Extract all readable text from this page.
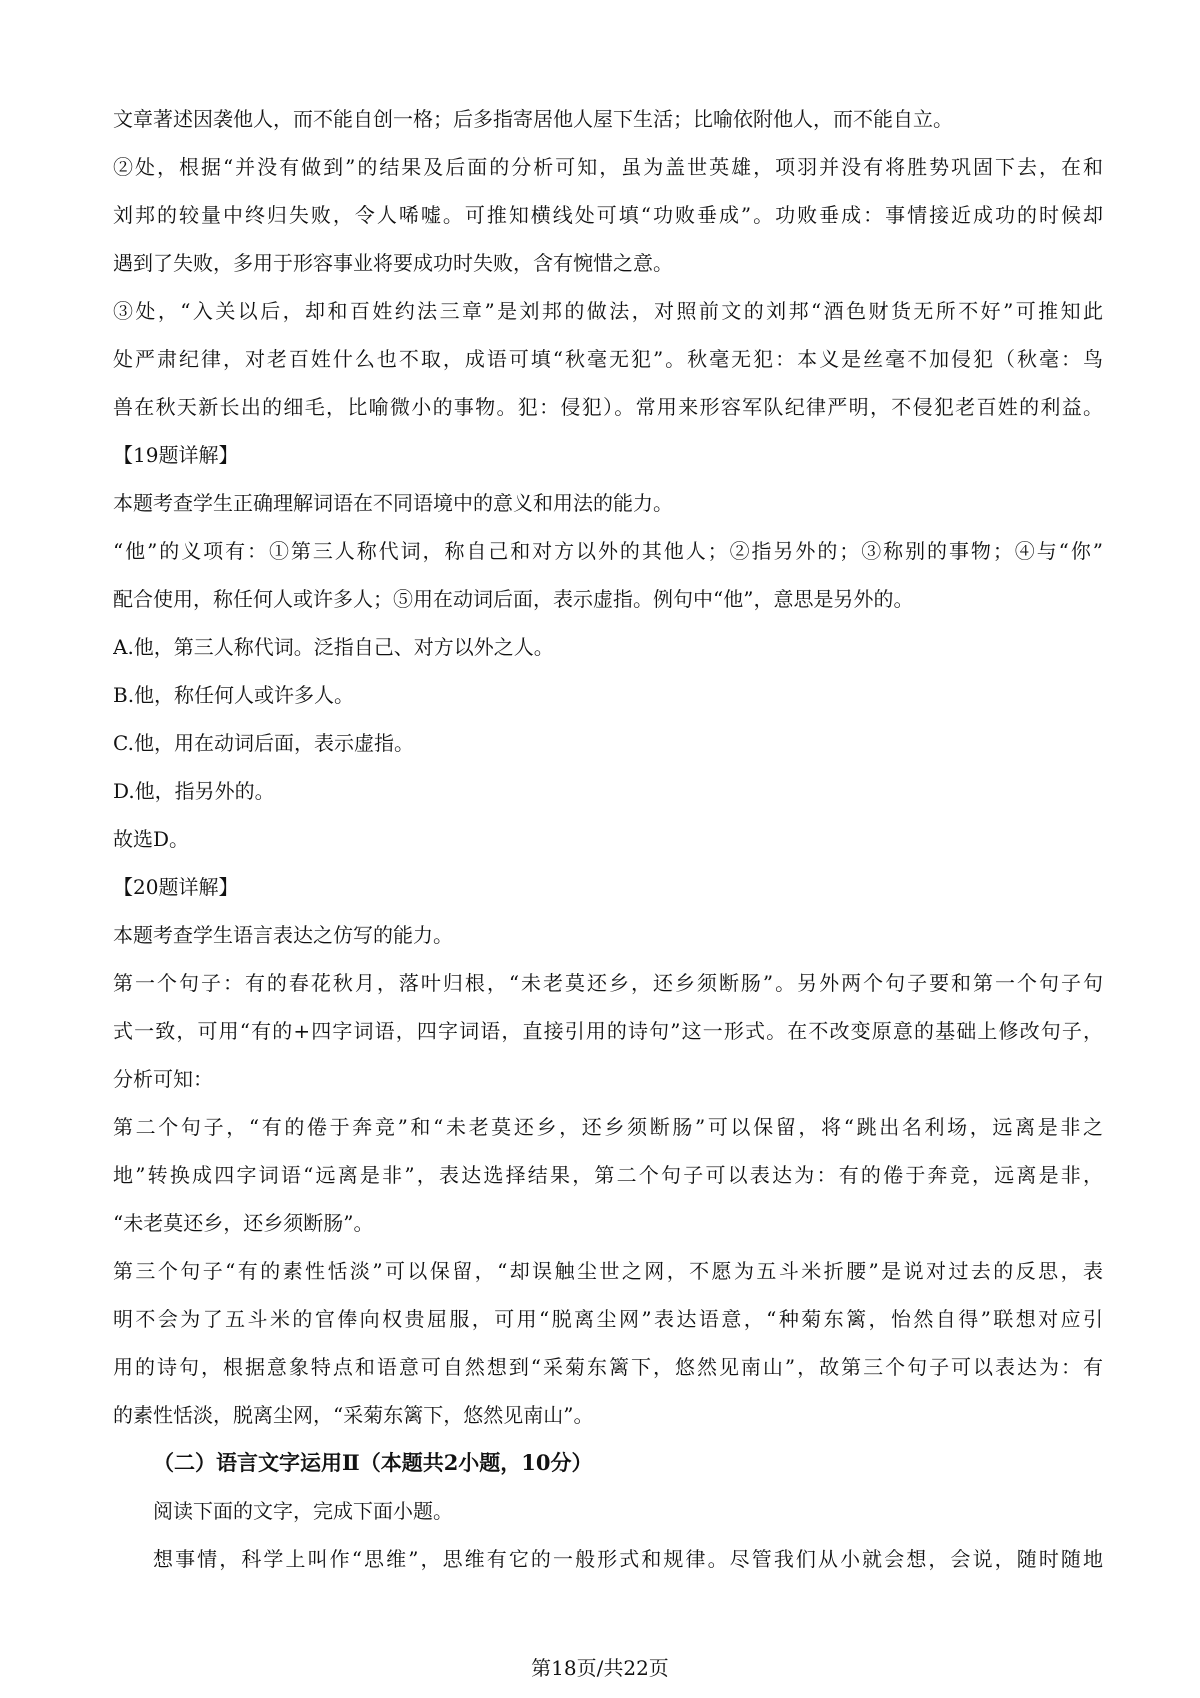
文章著述因袭他人，而不能自创一格；后多指寄居他人屋下生活；比喻依附他人，而不能自立。
②处，根据“并没有做到”的结果及后面的分析可知，虽为盖世英雄，项羽并没有将胜势巩固下去，在和
刘邦的较量中终归失败，令人唏嘘。可推知横线处可填“功败垂成”。功败垂成：事情接近成功的时候却
遇到了失败，多用于形容事业将要成功时失败，含有惋惜之意。
③处，“入关以后，却和百姓约法三章”是刘邦的做法，对照前文的刘邦“酒色财货无所不好”可推知此
处严肃纪律，对老百姓什么也不取，成语可填“秋毫无犯”。秋毫无犯：本义是丝毫不加侵犯（秋毫：鸟
兽在秋天新长出的细毛，比喻微小的事物。犯：侵犯）。常用来形容军队纪律严明，不侵犯老百姓的利益。
【19题详解】
本题考查学生正确理解词语在不同语境中的意义和用法的能力。
“他”的义项有：①第三人称代词，称自己和对方以外的其他人；②指另外的；③称别的事物；④与“你”
配合使用，称任何人或许多人；⑤用在动词后面，表示虚指。例句中“他”，意思是另外的。
A.他，第三人称代词。泛指自己、对方以外之人。
B.他，称任何人或许多人。
C.他，用在动词后面，表示虚指。
D.他，指另外的。
故选D。
【20题详解】
本题考查学生语言表达之仿写的能力。
第一个句子：有的春花秋月，落叶归根，“未老莫还乡，还乡须断肠”。另外两个句子要和第一个句子句
式一致，可用“有的+四字词语，四字词语，直接引用的诗句”这一形式。在不改变原意的基础上修改句子，
分析可知：
第二个句子，“有的倦于奔竞”和“未老莫还乡，还乡须断肠”可以保留，将“跳出名利场，远离是非之
地”转换成四字词语“远离是非”，表达选择结果，第二个句子可以表达为：有的倦于奔竞，远离是非，
“未老莫还乡，还乡须断肠”。
第三个句子“有的素性恬淡”可以保留，“却误触尘世之网，不愿为五斗米折腰”是说对过去的反思，表
明不会为了五斗米的官俸向权贵屈服，可用“脱离尘网”表达语意，“种菊东篱，怡然自得”联想对应引
用的诗句，根据意象特点和语意可自然想到“采菊东篱下，悠然见南山”，故第三个句子可以表达为：有
的素性恬淡，脱离尘网，“采菊东篱下，悠然见南山”。
（二）语言文字运用Ⅱ（本题共2小题，10分）
阅读下面的文字，完成下面小题。
想事情，科学上叫作“思维”，思维有它的一般形式和规律。尽管我们从小就会想，会说，随时随地
第18页/共22页
